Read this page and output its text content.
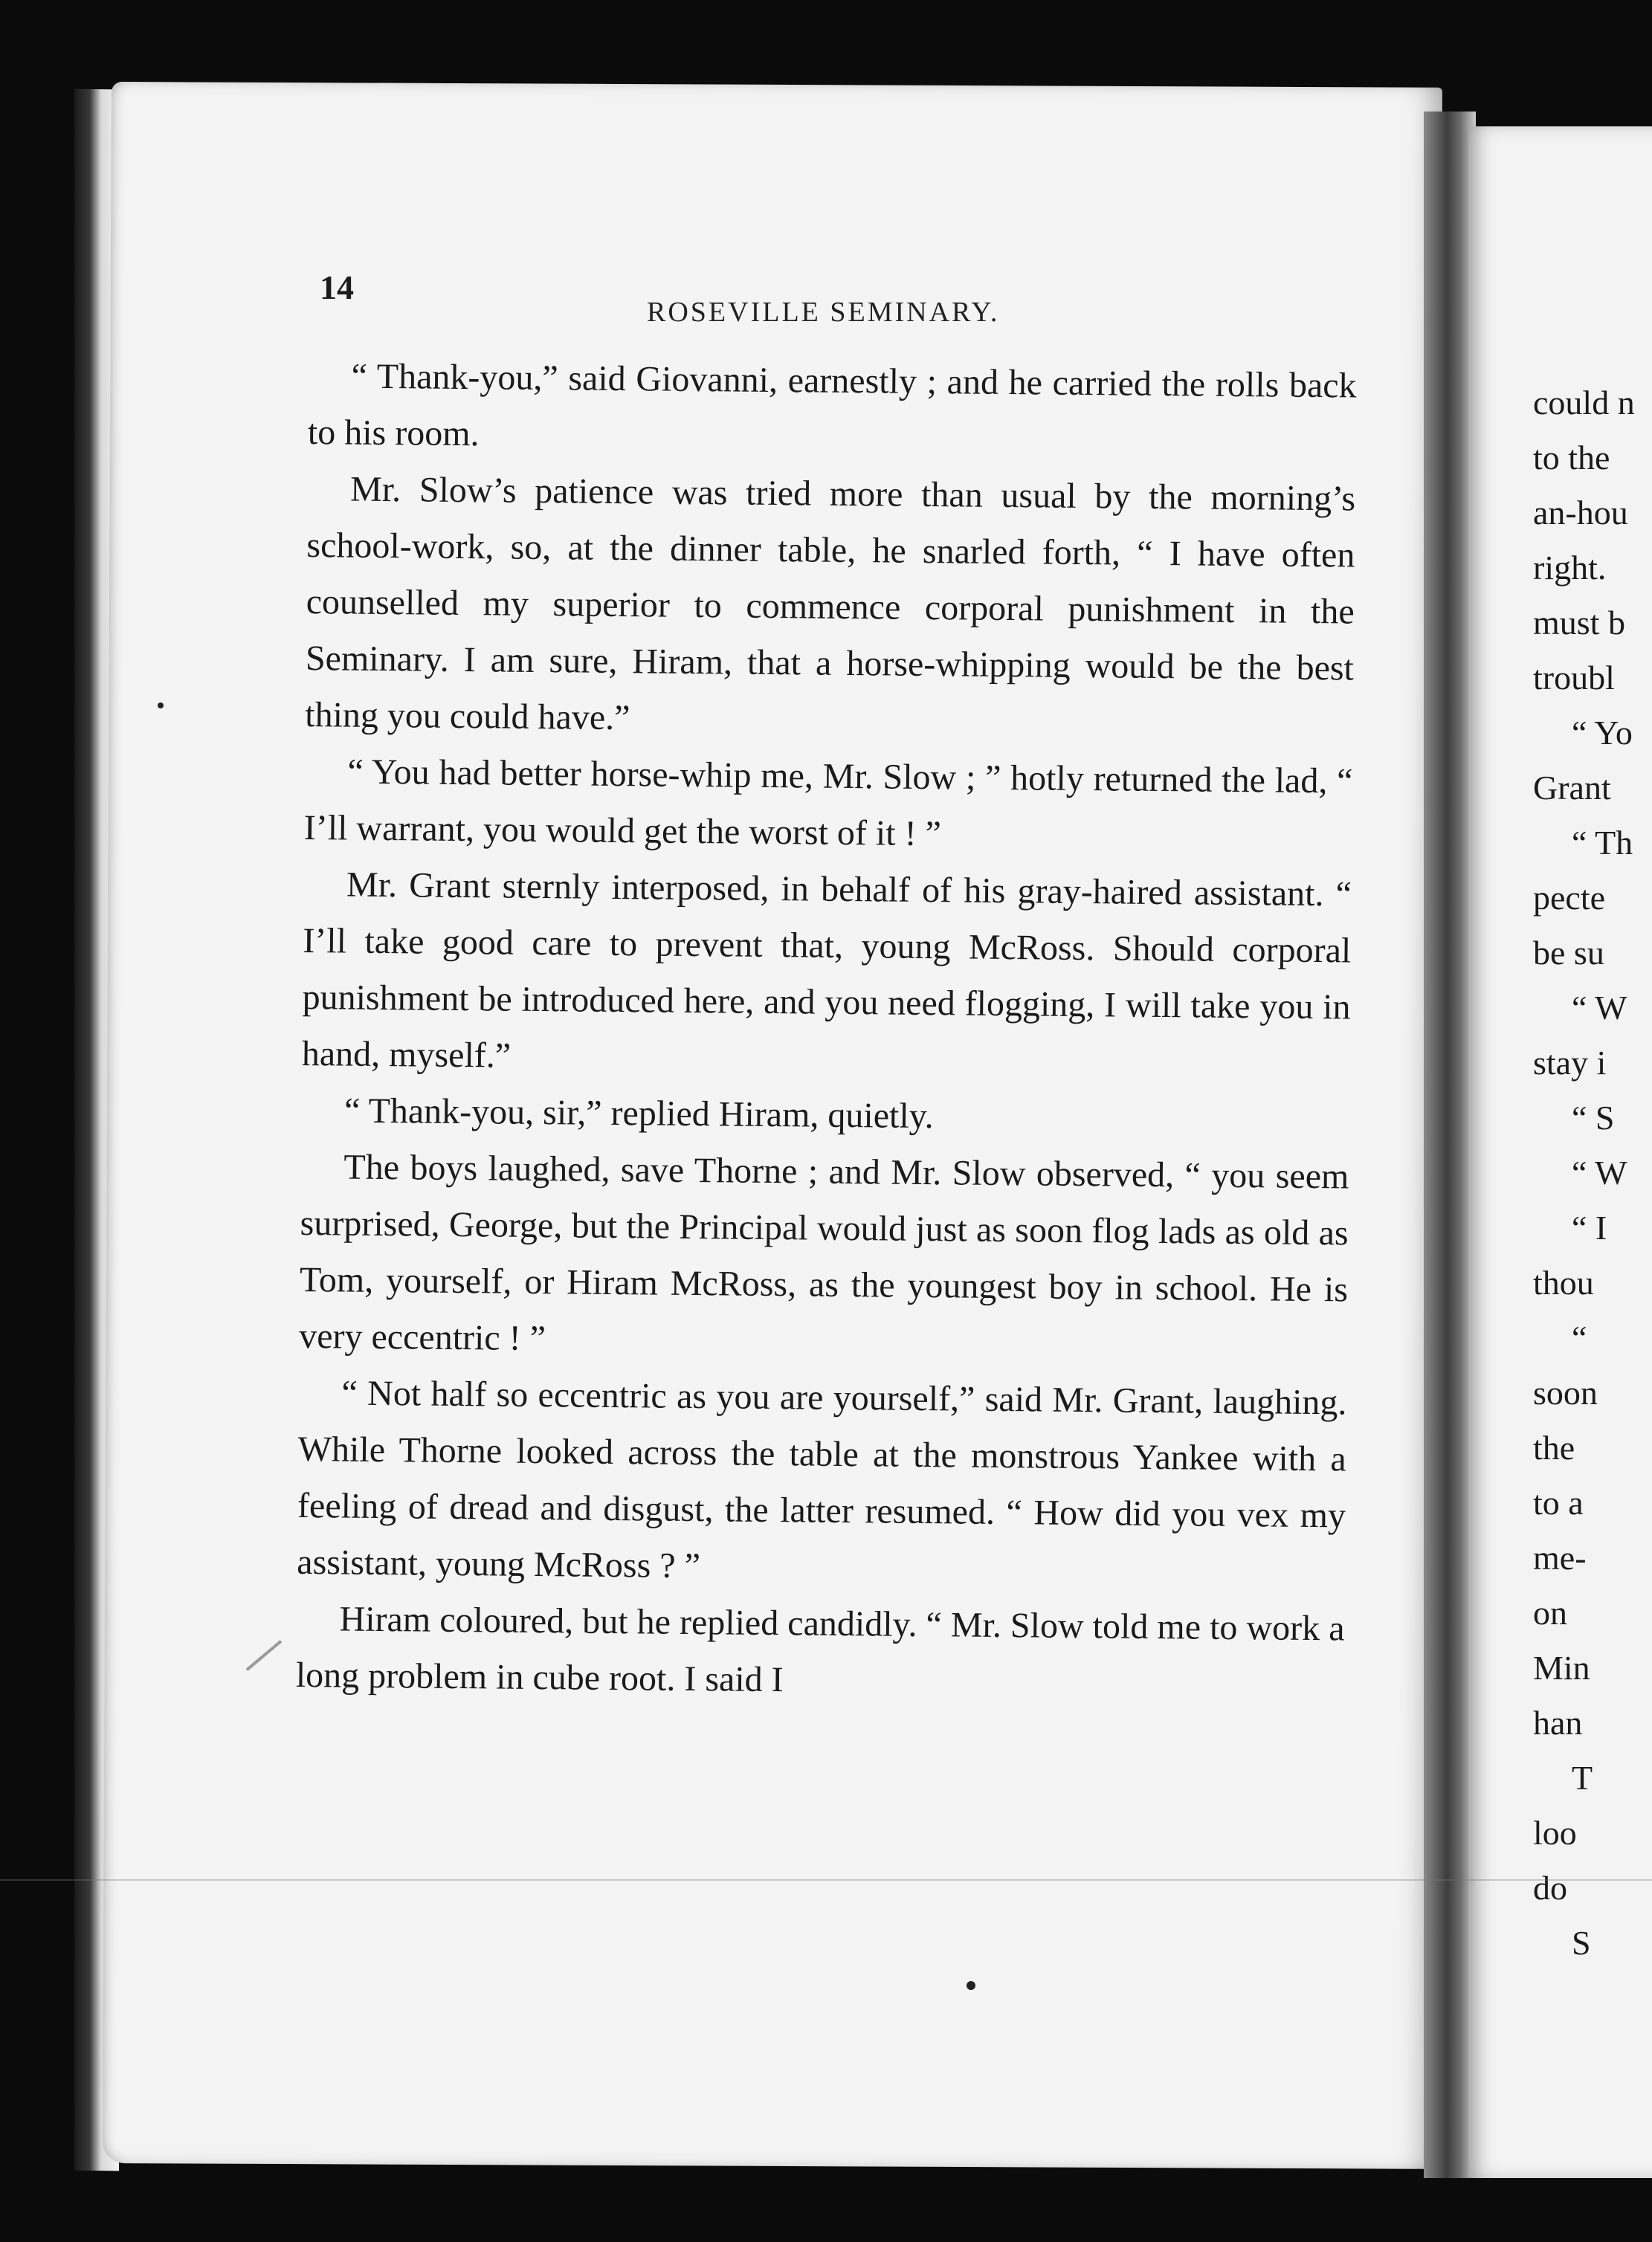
14

ROSEVILLE SEMINARY.

“ Thank-you,” said Giovanni, earnestly ; and he carried the rolls back to his room.

Mr. Slow’s patience was tried more than usual by the morning’s school-work, so, at the dinner table, he snarled forth, “ I have often counselled my superior to commence corporal punishment in the Seminary. I am sure, Hiram, that a horse-whipping would be the best thing you could have.”

“ You had better horse-whip me, Mr. Slow ; ” hotly returned the lad, “ I’ll warrant, you would get the worst of it ! ”

Mr. Grant sternly interposed, in behalf of his gray-haired assistant. “ I’ll take good care to prevent that, young McRoss. Should corporal punishment be introduced here, and you need flogging, I will take you in hand, myself.”

“ Thank-you, sir,” replied Hiram, quietly.

The boys laughed, save Thorne ; and Mr. Slow observed, “ you seem surprised, George, but the Principal would just as soon flog lads as old as Tom, yourself, or Hiram McRoss, as the youngest boy in school. He is very eccentric ! ”

“ Not half so eccentric as you are yourself,” said Mr. Grant, laughing. While Thorne looked across the table at the monstrous Yankee with a feeling of dread and disgust, the latter resumed. “ How did you vex my assistant, young McRoss ? ”

Hiram coloured, but he replied candidly. “ Mr. Slow told me to work a long problem in cube root. I said I

could n
to the
an-hou
right.
must b
troubl
“ Yo
Grant
“ Th
pecte
be su
“ W
stay i
“ S
“ W
“ I
thou
“
soon
the
to a
me-
on
Min
han
T
loo
do
S
